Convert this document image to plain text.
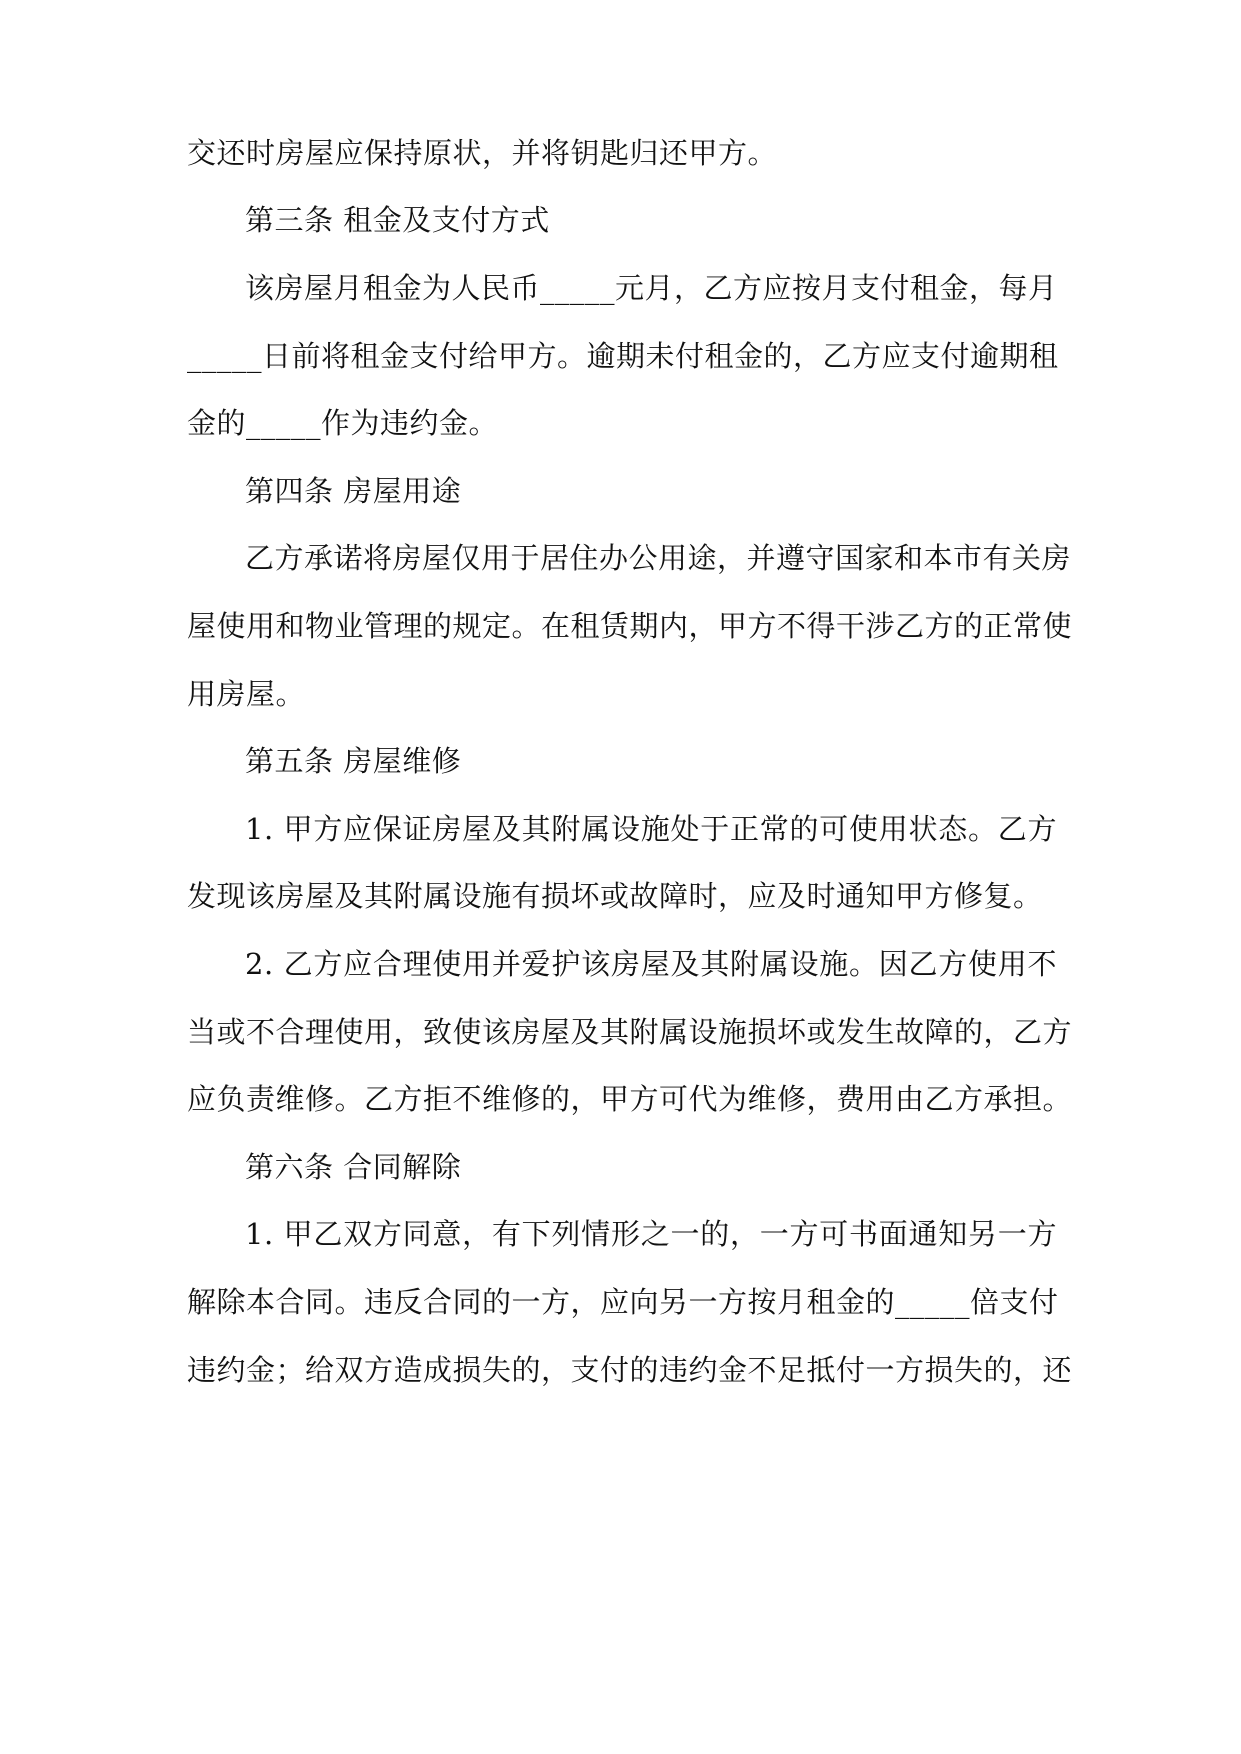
交还时房屋应保持原状，并将钥匙归还甲方。
第三条 租金及支付方式
该房屋月租金为人民币_____元月，乙方应按月支付租金，每月
_____日前将租金支付给甲方。逾期未付租金的，乙方应支付逾期租
金的_____作为违约金。
第四条 房屋用途
乙方承诺将房屋仅用于居住办公用途，并遵守国家和本市有关房
屋使用和物业管理的规定。在租赁期内，甲方不得干涉乙方的正常使
用房屋。
第五条 房屋维修
1. 甲方应保证房屋及其附属设施处于正常的可使用状态。乙方
发现该房屋及其附属设施有损坏或故障时，应及时通知甲方修复。
2. 乙方应合理使用并爱护该房屋及其附属设施。因乙方使用不
当或不合理使用，致使该房屋及其附属设施损坏或发生故障的，乙方
应负责维修。乙方拒不维修的，甲方可代为维修，费用由乙方承担。
第六条 合同解除
1. 甲乙双方同意，有下列情形之一的，一方可书面通知另一方
解除本合同。违反合同的一方，应向另一方按月租金的_____倍支付
违约金；给双方造成损失的，支付的违约金不足抵付一方损失的，还
